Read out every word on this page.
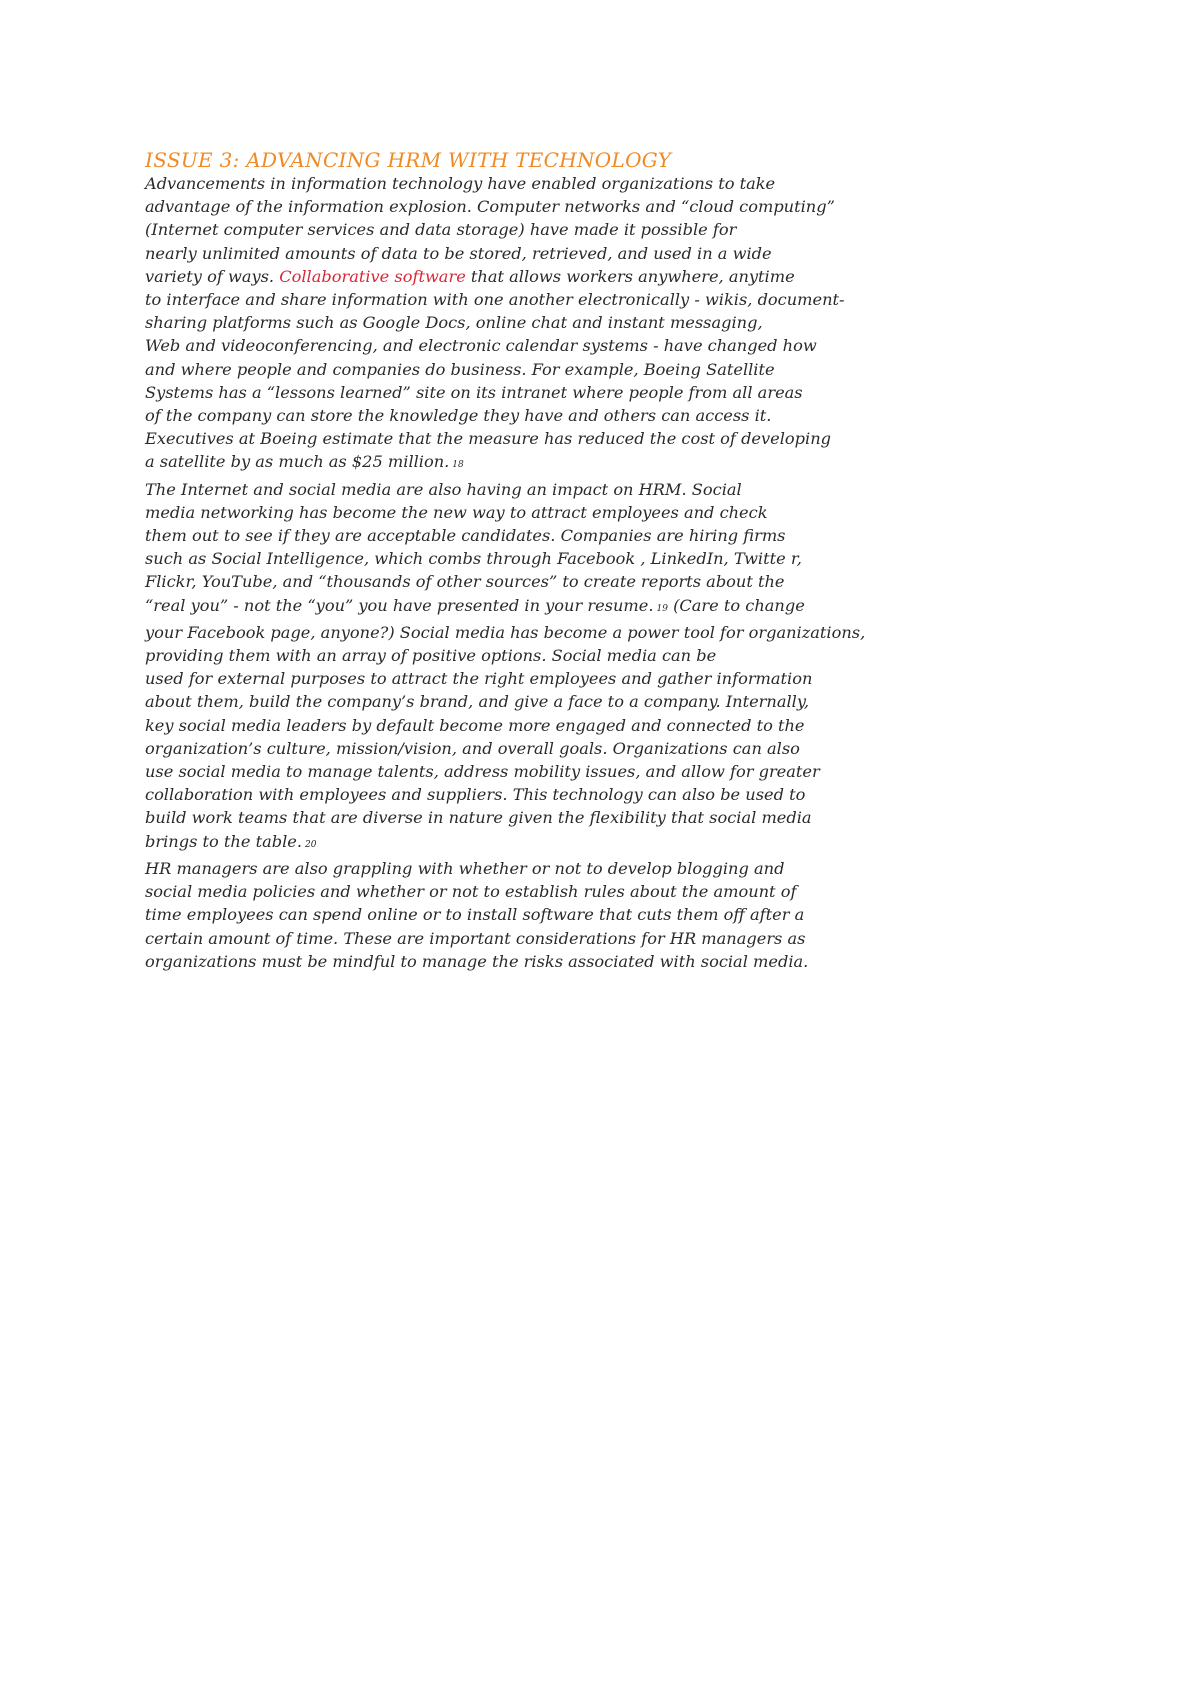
ISSUE 3: ADVANCING HRM WITH TECHNOLOGY

Advancements in information technology have enabled organizations to take

advantage of the information explosion. Computer networks and “cloud computing”

(Internet computer services and data storage) have made it possible for

nearly unlimited amounts of data to be stored, retrieved, and used in a wide

variety of ways. Collaborative software that allows workers anywhere, anytime

to interface and share information with one another electronically - wikis, document-

sharing platforms such as Google Docs, online chat and instant messaging,

Web and videoconferencing, and electronic calendar systems - have changed how

and where people and companies do business. For example, Boeing Satellite

Systems has a “lessons learned” site on its intranet where people from all areas

of the company can store the knowledge they have and others can access it.

Executives at Boeing estimate that the measure has reduced the cost of developing

a satellite by as much as $25 million. 18

The Internet and social media are also having an impact on HRM. Social

media networking has become the new way to attract employees and check

them out to see if they are acceptable candidates. Companies are hiring firms

such as Social Intelligence, which combs through Facebook , LinkedIn, Twitte r,

Flickr, YouTube, and “thousands of other sources” to create reports about the

“real you” - not the “you” you have presented in your resume. 19 (Care to change

your Facebook page, anyone?) Social media has become a power tool for organizations,

providing them with an array of positive options. Social media can be

used for external purposes to attract the right employees and gather information

about them, build the company’s brand, and give a face to a company. Internally,

key social media leaders by default become more engaged and connected to the

organization’s culture, mission/vision, and overall goals. Organizations can also

use social media to manage talents, address mobility issues, and allow for greater

collaboration with employees and suppliers. This technology can also be used to

build work teams that are diverse in nature given the flexibility that social media

brings to the table. 20

HR managers are also grappling with whether or not to develop blogging and

social media policies and whether or not to establish rules about the amount of

time employees can spend online or to install software that cuts them off after a

certain amount of time. These are important considerations for HR managers as

organizations must be mindful to manage the risks associated with social media.
